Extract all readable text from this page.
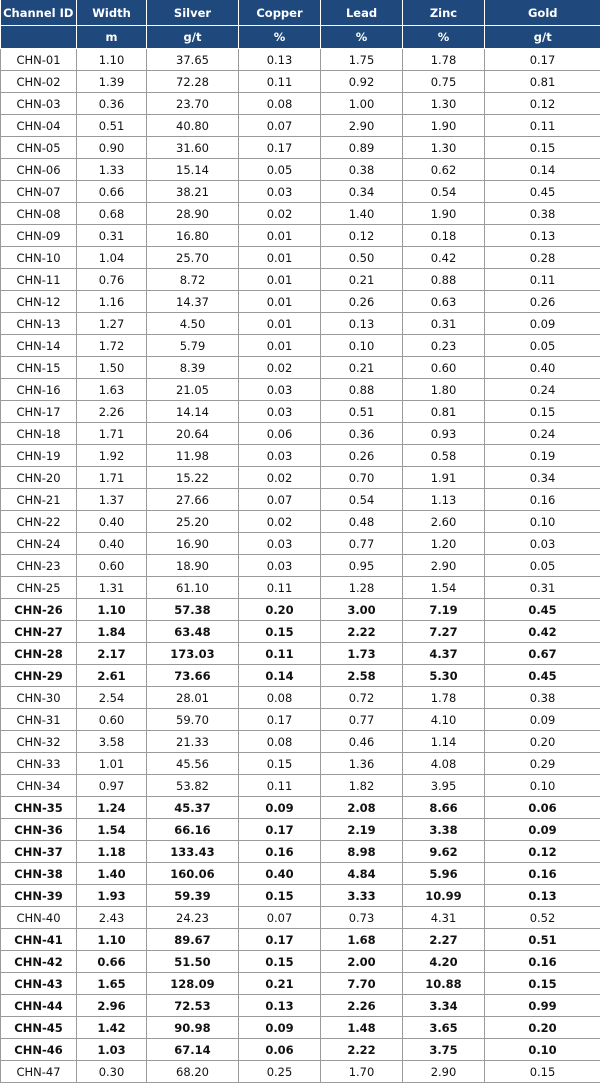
Channel ID	Width	Silver	Copper	Lead	Zinc	Gold
	m	g/t	%	%	%	g/t
CHN-01	1.10	37.65	0.13	1.75	1.78	0.17
CHN-02	1.39	72.28	0.11	0.92	0.75	0.81
CHN-03	0.36	23.70	0.08	1.00	1.30	0.12
CHN-04	0.51	40.80	0.07	2.90	1.90	0.11
CHN-05	0.90	31.60	0.17	0.89	1.30	0.15
CHN-06	1.33	15.14	0.05	0.38	0.62	0.14
CHN-07	0.66	38.21	0.03	0.34	0.54	0.45
CHN-08	0.68	28.90	0.02	1.40	1.90	0.38
CHN-09	0.31	16.80	0.01	0.12	0.18	0.13
CHN-10	1.04	25.70	0.01	0.50	0.42	0.28
CHN-11	0.76	8.72	0.01	0.21	0.88	0.11
CHN-12	1.16	14.37	0.01	0.26	0.63	0.26
CHN-13	1.27	4.50	0.01	0.13	0.31	0.09
CHN-14	1.72	5.79	0.01	0.10	0.23	0.05
CHN-15	1.50	8.39	0.02	0.21	0.60	0.40
CHN-16	1.63	21.05	0.03	0.88	1.80	0.24
CHN-17	2.26	14.14	0.03	0.51	0.81	0.15
CHN-18	1.71	20.64	0.06	0.36	0.93	0.24
CHN-19	1.92	11.98	0.03	0.26	0.58	0.19
CHN-20	1.71	15.22	0.02	0.70	1.91	0.34
CHN-21	1.37	27.66	0.07	0.54	1.13	0.16
CHN-22	0.40	25.20	0.02	0.48	2.60	0.10
CHN-24	0.40	16.90	0.03	0.77	1.20	0.03
CHN-23	0.60	18.90	0.03	0.95	2.90	0.05
CHN-25	1.31	61.10	0.11	1.28	1.54	0.31
CHN-26	1.10	57.38	0.20	3.00	7.19	0.45
CHN-27	1.84	63.48	0.15	2.22	7.27	0.42
CHN-28	2.17	173.03	0.11	1.73	4.37	0.67
CHN-29	2.61	73.66	0.14	2.58	5.30	0.45
CHN-30	2.54	28.01	0.08	0.72	1.78	0.38
CHN-31	0.60	59.70	0.17	0.77	4.10	0.09
CHN-32	3.58	21.33	0.08	0.46	1.14	0.20
CHN-33	1.01	45.56	0.15	1.36	4.08	0.29
CHN-34	0.97	53.82	0.11	1.82	3.95	0.10
CHN-35	1.24	45.37	0.09	2.08	8.66	0.06
CHN-36	1.54	66.16	0.17	2.19	3.38	0.09
CHN-37	1.18	133.43	0.16	8.98	9.62	0.12
CHN-38	1.40	160.06	0.40	4.84	5.96	0.16
CHN-39	1.93	59.39	0.15	3.33	10.99	0.13
CHN-40	2.43	24.23	0.07	0.73	4.31	0.52
CHN-41	1.10	89.67	0.17	1.68	2.27	0.51
CHN-42	0.66	51.50	0.15	2.00	4.20	0.16
CHN-43	1.65	128.09	0.21	7.70	10.88	0.15
CHN-44	2.96	72.53	0.13	2.26	3.34	0.99
CHN-45	1.42	90.98	0.09	1.48	3.65	0.20
CHN-46	1.03	67.14	0.06	2.22	3.75	0.10
CHN-47	0.30	68.20	0.25	1.70	2.90	0.15
